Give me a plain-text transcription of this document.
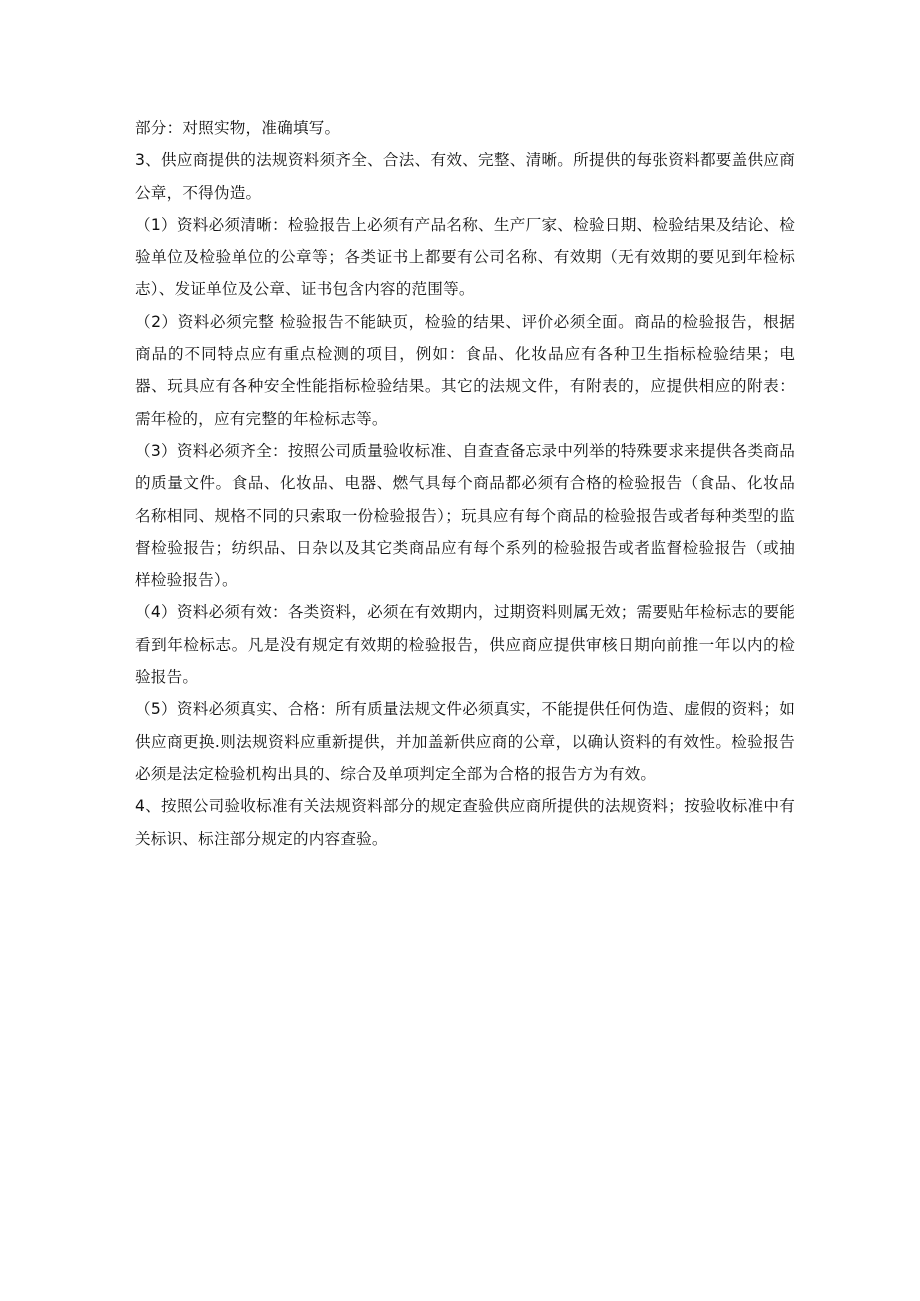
部分：对照实物，准确填写。

3、供应商提供的法规资料须齐全、合法、有效、完整、清晰。所提供的每张资料都要盖供应商公章，不得伪造。

（1）资料必须清晰：检验报告上必须有产品名称、生产厂家、检验日期、检验结果及结论、检验单位及检验单位的公章等；各类证书上都要有公司名称、有效期（无有效期的要见到年检标志）、发证单位及公章、证书包含内容的范围等。

（2）资料必须完整 检验报告不能缺页，检验的结果、评价必须全面。商品的检验报告，根据商品的不同特点应有重点检测的项目，例如：食品、化妆品应有各种卫生指标检验结果；电器、玩具应有各种安全性能指标检验结果。其它的法规文件，有附表的，应提供相应的附表：需年检的，应有完整的年检标志等。

（3）资料必须齐全：按照公司质量验收标准、自查查备忘录中列举的特殊要求来提供各类商品的质量文件。食品、化妆品、电器、燃气具每个商品都必须有合格的检验报告（食品、化妆品名称相同、规格不同的只索取一份检验报告）；玩具应有每个商品的检验报告或者每种类型的监督检验报告；纺织品、日杂以及其它类商品应有每个系列的检验报告或者监督检验报告（或抽样检验报告）。

（4）资料必须有效：各类资料，必须在有效期内，过期资料则属无效；需要贴年检标志的要能看到年检标志。凡是没有规定有效期的检验报告，供应商应提供审核日期向前推一年以内的检验报告。

（5）资料必须真实、合格：所有质量法规文件必须真实，不能提供任何伪造、虚假的资料；如供应商更换.则法规资料应重新提供，并加盖新供应商的公章，以确认资料的有效性。检验报告必须是法定检验机构出具的、综合及单项判定全部为合格的报告方为有效。

4、按照公司验收标准有关法规资料部分的规定查验供应商所提供的法规资料；按验收标准中有关标识、标注部分规定的内容查验。
